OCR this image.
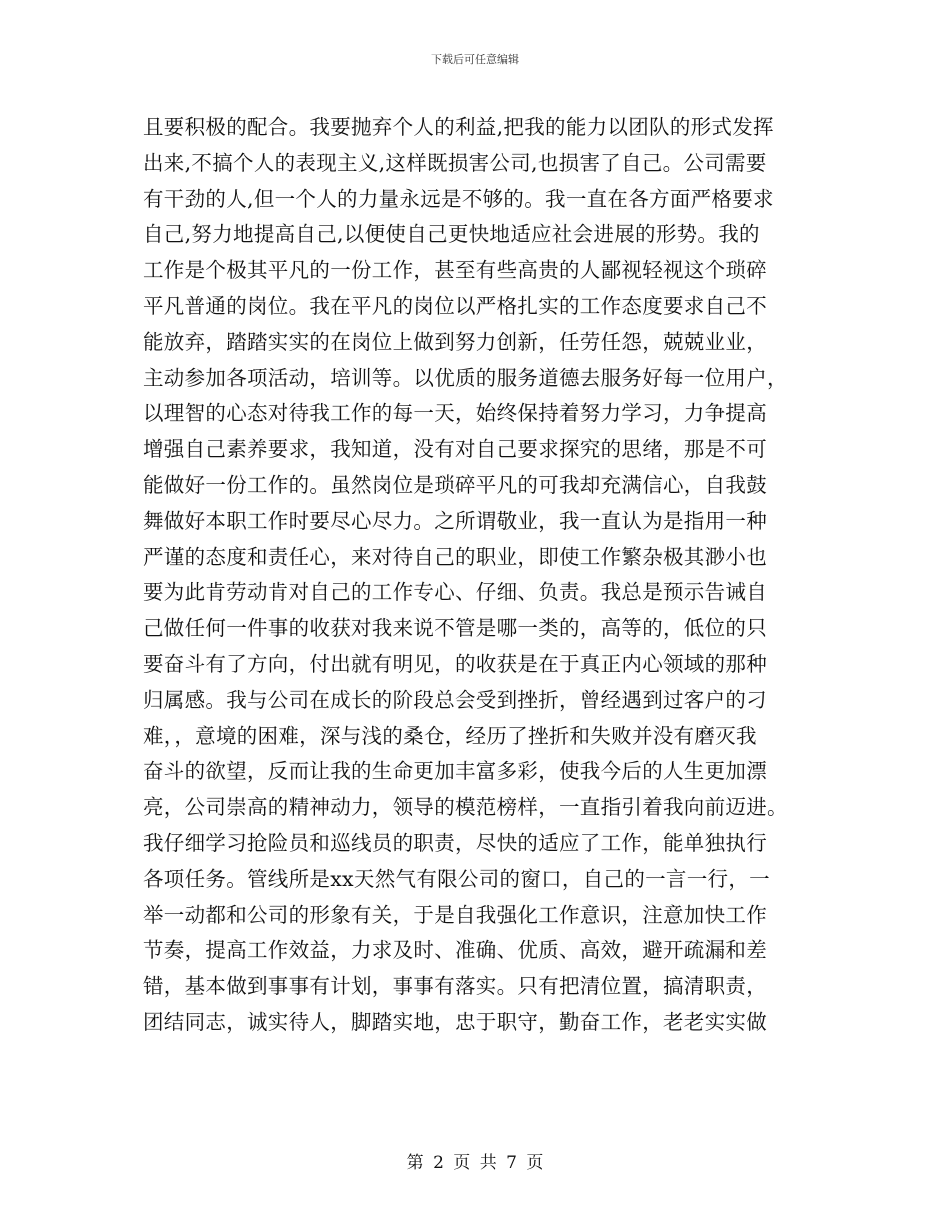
下载后可任意编辑
且要积极的配合。我要抛弃个人的利益,把我的能力以团队的形式发挥
出来,不搞个人的表现主义,这样既损害公司,也损害了自己。公司需要
有干劲的人,但一个人的力量永远是不够的。我一直在各方面严格要求
自己,努力地提高自己,以便使自己更快地适应社会进展的形势。我的
工作是个极其平凡的一份工作，甚至有些高贵的人鄙视轻视这个琐碎
平凡普通的岗位。我在平凡的岗位以严格扎实的工作态度要求自己不
能放弃，踏踏实实的在岗位上做到努力创新，任劳任怨，兢兢业业，
主动参加各项活动，培训等。以优质的服务道德去服务好每一位用户，
以理智的心态对待我工作的每一天，始终保持着努力学习，力争提高
增强自己素养要求，我知道，没有对自己要求探究的思绪，那是不可
能做好一份工作的。虽然岗位是琐碎平凡的可我却充满信心，自我鼓
舞做好本职工作时要尽心尽力。之所谓敬业，我一直认为是指用一种
严谨的态度和责任心，来对待自己的职业，即使工作繁杂极其渺小也
要为此肯劳动肯对自己的工作专心、仔细、负责。我总是预示告诫自
己做任何一件事的收获对我来说不管是哪一类的，高等的，低位的只
要奋斗有了方向，付出就有明见，的收获是在于真正内心领域的那种
归属感。我与公司在成长的阶段总会受到挫折，曾经遇到过客户的刁
难，，意境的困难，深与浅的桑仓，经历了挫折和失败并没有磨灭我
奋斗的欲望，反而让我的生命更加丰富多彩，使我今后的人生更加漂
亮，公司崇高的精神动力，领导的模范榜样，一直指引着我向前迈进。
我仔细学习抢险员和巡线员的职责，尽快的适应了工作，能单独执行
各项任务。管线所是xx天然气有限公司的窗口，自己的一言一行，一
举一动都和公司的形象有关，于是自我强化工作意识，注意加快工作
节奏，提高工作效益，力求及时、准确、优质、高效，避开疏漏和差
错，基本做到事事有计划，事事有落实。只有把清位置，搞清职责，
团结同志，诚实待人，脚踏实地，忠于职守，勤奋工作，老老实实做
第 2 页 共 7 页
